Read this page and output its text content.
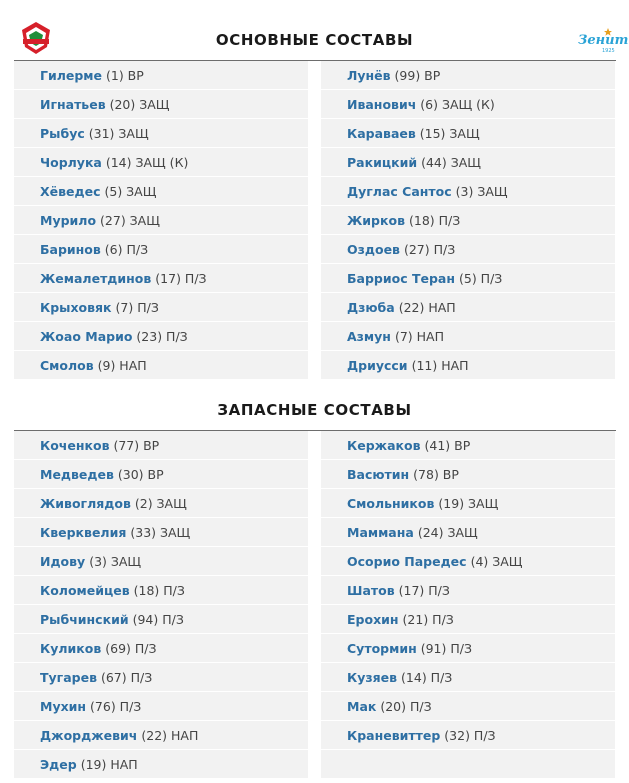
Зенит
1925
ОСНОВНЫЕ СОСТАВЫ
ЗАПАСНЫЕ СОСТАВЫ
Гилерме
(1) ВР
Игнатьев
(20) ЗАЩ
Рыбус
(31) ЗАЩ
Чорлука
(14) ЗАЩ (К)
Хёведес
(5) ЗАЩ
Мурило
(27) ЗАЩ
Баринов
(6) П/З
Жемалетдинов
(17) П/З
Крыховяк
(7) П/З
Жоао Марио
(23) П/З
Смолов
(9) НАП
Лунёв
(99) ВР
Иванович
(6) ЗАЩ (К)
Караваев
(15) ЗАЩ
Ракицкий
(44) ЗАЩ
Дуглас Сантос
(3) ЗАЩ
Жирков
(18) П/З
Оздоев
(27) П/З
Барриос Теран
(5) П/З
Дзюба
(22) НАП
Азмун
(7) НАП
Дриусси
(11) НАП
Коченков
(77) ВР
Медведев
(30) ВР
Живоглядов
(2) ЗАЩ
Кверквелия
(33) ЗАЩ
Идову
(3) ЗАЩ
Коломейцев
(18) П/З
Рыбчинский
(94) П/З
Куликов
(69) П/З
Тугарев
(67) П/З
Мухин
(76) П/З
Джорджевич
(22) НАП
Эдер
(19) НАП
Кержаков
(41) ВР
Васютин
(78) ВР
Смольников
(19) ЗАЩ
Маммана
(24) ЗАЩ
Осорио Паредес
(4) ЗАЩ
Шатов
(17) П/З
Ерохин
(21) П/З
Сутормин
(91) П/З
Кузяев
(14) П/З
Мак
(20) П/З
Краневиттер
(32) П/З
